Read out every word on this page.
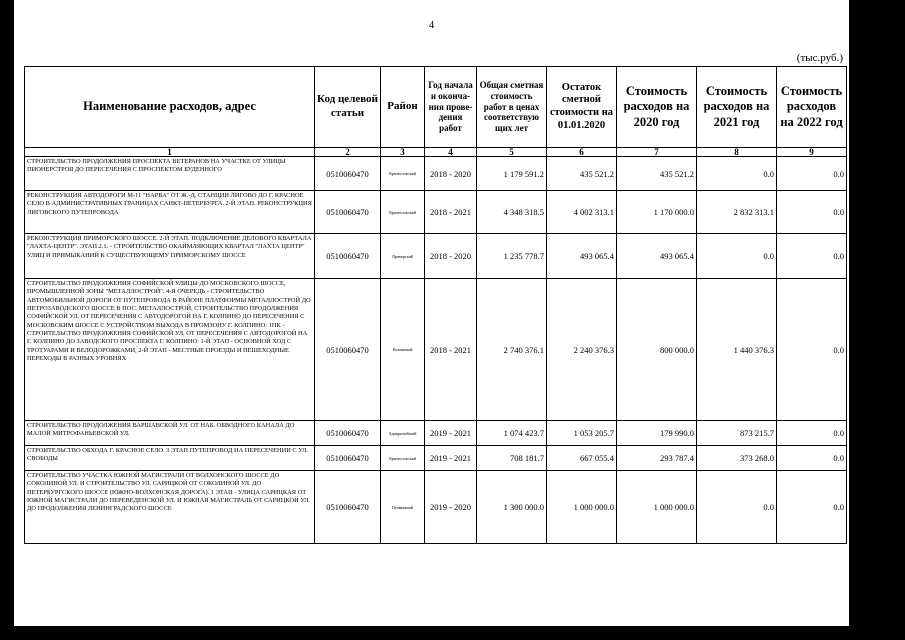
4
(тыс.руб.)
Наименование расходов, адрес	Код целевой статьи	Район	Год начала и оконча-ния прове-дения работ	Общая сметная стоимость работ в ценах соответствую щих лет	Остаток сметной стоимости на 01.01.2020	Стоимость расходов на 2020 год	Стоимость расходов на 2021 год	Стоимость расходов на 2022 год
1	2	3	4	5	6	7	8	9
СТРОИТЕЛЬСТВО ПРОДОЛЖЕНИЯ ПРОСПЕКТА ВЕТЕРАНОВ НА УЧАСТКЕ ОТ УЛИЦЫ ПИОНЕРСТРОЯ ДО ПЕРЕСЕЧЕНИЯ С ПРОСПЕКТОМ БУДЕННОГО	0510060470	Красносельский	2018 - 2020	1 179 591.2	435 521.2	435 521.2	0.0	0.0
РЕКОНСТРУКЦИЯ АВТОДОРОГИ М-11 "НАРВА" ОТ Ж.-Д. СТАНЦИИ ЛИГОВО ДО Г. КРАСНОЕ СЕЛО В АДМИНИСТРАТИВНЫХ ГРАНИЦАХ САНКТ-ПЕТЕРБУРГА. 2-Й ЭТАП. РЕКОНСТРУКЦИЯ ЛИГОВСКОГО ПУТЕПРОВОДА	0510060470	Красносельский	2018 - 2021	4 348 318.5	4 002 313.1	1 170 000.0	2 832 313.1	0.0
РЕКОНСТРУКЦИЯ ПРИМОРСКОГО ШОССЕ. 2-Й ЭТАП. ПОДКЛЮЧЕНИЕ ДЕЛОВОГО КВАРТАЛА "ЛАХТА-ЦЕНТР". ЭТАП 2.1. - СТРОИТЕЛЬСТВО ОКАЙМЛЯЮЩИХ КВАРТАЛ "ЛАХТА ЦЕНТР" УЛИЦ И ПРИМЫКАНИЙ К СУЩЕСТВУЮЩЕМУ ПРИМОРСКОМУ ШОССЕ	0510060470	Приморский	2018 - 2020	1 235 778.7	493 065.4	493 065.4	0.0	0.0
СТРОИТЕЛЬСТВО ПРОДОЛЖЕНИЯ СОФИЙСКОЙ УЛИЦЫ ДО МОСКОВСКОГО ШОССЕ, ПРОМЫШЛЕННОЙ ЗОНЫ "МЕТАЛЛОСТРОЙ". 4-Я ОЧЕРЕДЬ - СТРОИТЕЛЬСТВО АВТОМОБИЛЬНОЙ ДОРОГИ ОТ ПУТЕПРОВОДА В РАЙОНЕ ПЛАТФОРМЫ МЕТАЛЛОСТРОЙ ДО ПЕТРОЗАВОДСКОГО ШОССЕ В ПОС. МЕТАЛЛОСТРОЙ, СТРОИТЕЛЬСТВО ПРОДОЛЖЕНИЯ СОФИЙСКОЙ УЛ. ОТ ПЕРЕСЕЧЕНИЯ С АВТОДОРОГОЙ НА Г. КОЛПИНО ДО ПЕРЕСЕЧЕНИЯ С МОСКОВСКИМ ШОССЕ С УСТРОЙСТВОМ ВЫХОДА В ПРОМЗОНУ Г. КОЛПИНО: 1ПК - СТРОИТЕЛЬСТВО ПРОДОЛЖЕНИЯ СОФИЙСКОЙ УЛ. ОТ ПЕРЕСЕЧЕНИЯ С АВТОДОРОГОЙ НА Г. КОЛПИНО ДО ЗАВОДСКОГО ПРОСПЕКТА Г. КОЛПИНО: 1-Й ЭТАП - ОСНОВНОЙ ХОД С ТРОТУАРАМИ И ВЕЛОДОРОЖКАМИ, 2-Й ЭТАП - МЕСТНЫЕ ПРОЕЗДЫ И ПЕШЕХОДНЫЕ ПЕРЕХОДЫ В РАЗНЫХ УРОВНЯХ	0510060470	Колпинский	2018 - 2021	2 740 376.1	2 240 376.3	800 000.0	1 440 376.3	0.0
СТРОИТЕЛЬСТВО ПРОДОЛЖЕНИЯ ВАРШАВСКОЙ УЛ. ОТ НАБ. ОБВОДНОГО КАНАЛА ДО МАЛОЙ МИТРОФАНЬЕВСКОЙ УЛ.	0510060470	Адмиралтейский	2019 - 2021	1 074 423.7	1 053 205.7	179 990.0	873 215.7	0.0
СТРОИТЕЛЬСТВО ОБХОДА Г. КРАСНОЕ СЕЛО. 3 ЭТАП ПУТЕПРОВОД НА ПЕРЕСЕЧЕНИИ С УЛ. СВОБОДЫ	0510060470	Красносельский	2019 - 2021	708 181.7	667 055.4	293 787.4	373 268.0	0.0
СТРОИТЕЛЬСТВО УЧАСТКА ЮЖНОЙ МАГИСТРАЛИ ОТ ВОЛХОНСКОГО ШОССЕ ДО СОКОЛИНОЙ УЛ. И СТРОИТЕЛЬСТВО УЛ. САРИЦКОЙ ОТ СОКОЛИНОЙ УЛ. ДО ПЕТЕРБУРГСКОГО ШОССЕ (ЮЖНО-ВОЛХОНСКАЯ ДОРОГА). 1 ЭТАП - УЛИЦА САРИЦКАЯ ОТ ЮЖНОЙ МАГИСТРАЛИ ДО ПЕРЕВЕДЕНСКОЙ УЛ. И ЮЖНАЯ МАГИСТРАЛЬ ОТ САРИЦКОЙ УЛ. ДО ПРОДОЛЖЕНИЯ ЛЕНИНГРАДСКОГО ШОССЕ	0510060470	Пушкинский	2019 - 2020	1 300 000.0	1 000 000.0	1 000 000.0	0.0	0.0
